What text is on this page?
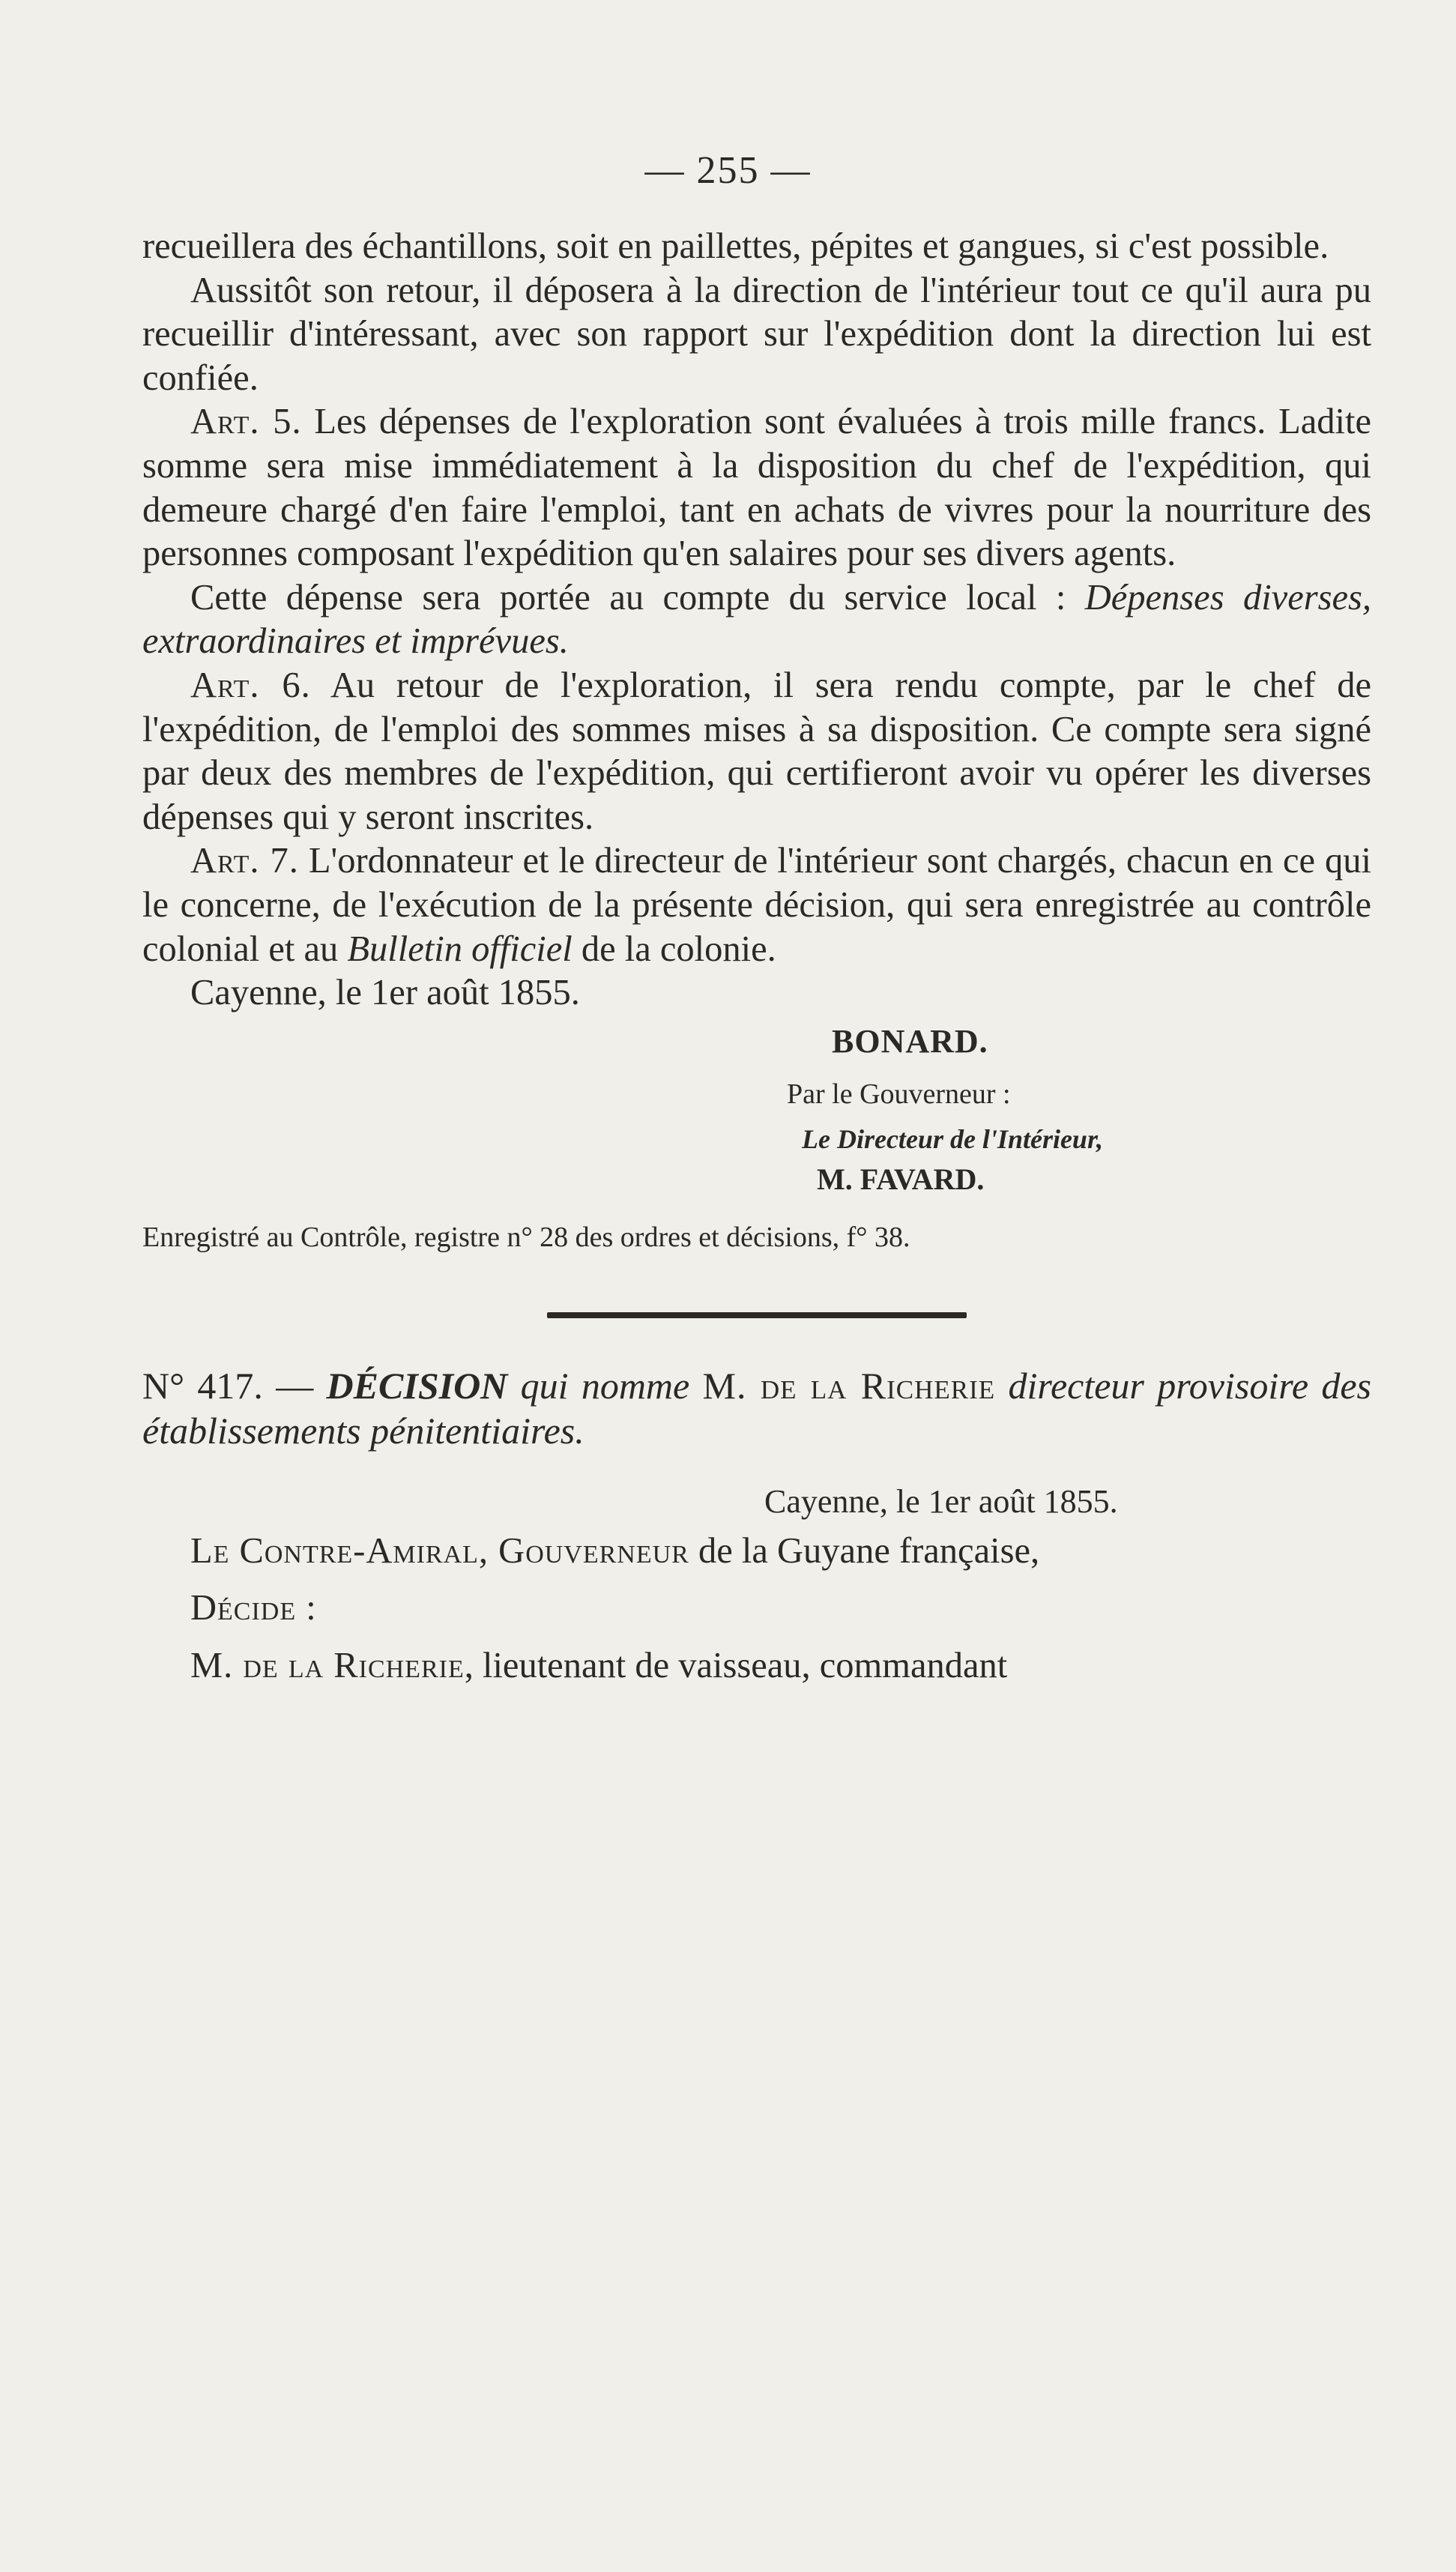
— 255 —

recueillera des échantillons, soit en paillettes, pépites et gangues, si c'est possible.

Aussitôt son retour, il déposera à la direction de l'intérieur tout ce qu'il aura pu recueillir d'intéressant, avec son rapport sur l'expédition dont la direction lui est confiée.

Art. 5. Les dépenses de l'exploration sont évaluées à trois mille francs. Ladite somme sera mise immédiatement à la disposition du chef de l'expédition, qui demeure chargé d'en faire l'emploi, tant en achats de vivres pour la nourriture des personnes composant l'expédition qu'en salaires pour ses divers agents.

Cette dépense sera portée au compte du service local : Dépenses diverses, extraordinaires et imprévues.

Art. 6. Au retour de l'exploration, il sera rendu compte, par le chef de l'expédition, de l'emploi des sommes mises à sa disposition. Ce compte sera signé par deux des membres de l'expédition, qui certifieront avoir vu opérer les diverses dépenses qui y seront inscrites.

Art. 7. L'ordonnateur et le directeur de l'intérieur sont chargés, chacun en ce qui le concerne, de l'exécution de la présente décision, qui sera enregistrée au contrôle colonial et au Bulletin officiel de la colonie.

Cayenne, le 1er août 1855.

BONARD.

Par le Gouverneur :

Le Directeur de l'Intérieur,

M. FAVARD.

Enregistré au Contrôle, registre n° 28 des ordres et décisions, f° 38.

N° 417. — DÉCISION qui nomme M. de la Richerie directeur provisoire des établissements pénitentiaires.

Cayenne, le 1er août 1855.

Le Contre-Amiral, Gouverneur de la Guyane française,

Décide :

M. de la Richerie, lieutenant de vaisseau, commandant
